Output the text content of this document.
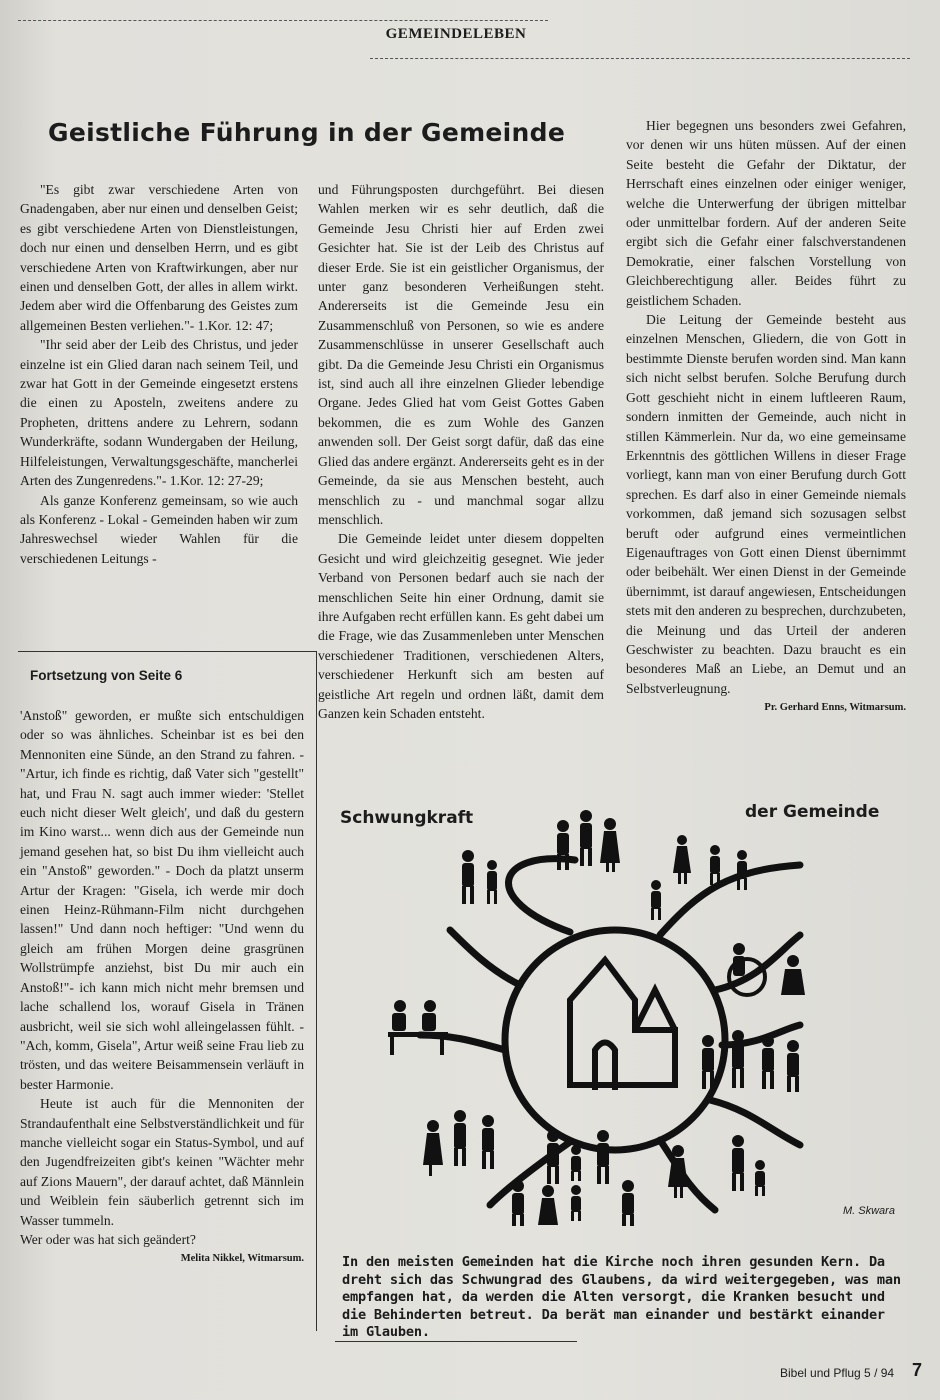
GEMEINDELEBEN
Geistliche Führung in der Gemeinde

"Es gibt zwar verschiedene Arten von Gnadengaben, aber nur einen und denselben Geist; es gibt verschiedene Arten von Dienstleistungen, doch nur einen und denselben Herrn, und es gibt verschiedene Arten von Kraftwirkungen, aber nur einen und denselben Gott, der alles in allem wirkt. Jedem aber wird die Offenbarung des Geistes zum allgemeinen Besten verliehen."- 1.Kor. 12: 47;

"Ihr seid aber der Leib des Christus, und jeder einzelne ist ein Glied daran nach seinem Teil, und zwar hat Gott in der Gemeinde eingesetzt erstens die einen zu Aposteln, zweitens andere zu Propheten, drittens andere zu Lehrern, sodann Wunderkräfte, sodann Wundergaben der Heilung, Hilfeleistungen, Verwaltungsgeschäfte, mancherlei Arten des Zungenredens."- 1.Kor. 12: 27-29;

Als ganze Konferenz gemeinsam, so wie auch als Konferenz - Lokal - Gemeinden haben wir zum Jahreswechsel wieder Wahlen für die verschiedenen Leitungs -

und Führungsposten durchgeführt. Bei diesen Wahlen merken wir es sehr deutlich, daß die Gemeinde Jesu Christi hier auf Erden zwei Gesichter hat. Sie ist der Leib des Christus auf dieser Erde. Sie ist ein geistlicher Organismus, der unter ganz besonderen Verheißungen steht. Andererseits ist die Gemeinde Jesu ein Zusammenschluß von Personen, so wie es andere Zusammenschlüsse in unserer Gesellschaft auch gibt. Da die Gemeinde Jesu Christi ein Organismus ist, sind auch all ihre einzelnen Glieder lebendige Organe. Jedes Glied hat vom Geist Gottes Gaben bekommen, die es zum Wohle des Ganzen anwenden soll. Der Geist sorgt dafür, daß das eine Glied das andere ergänzt. Andererseits geht es in der Gemeinde, da sie aus Menschen besteht, auch menschlich zu - und manchmal sogar allzu menschlich.

Die Gemeinde leidet unter diesem doppelten Gesicht und wird gleichzeitig gesegnet. Wie jeder Verband von Personen bedarf auch sie nach der menschlichen Seite hin einer Ordnung, damit sie ihre Aufgaben recht erfüllen kann. Es geht dabei um die Frage, wie das Zusammenleben unter Menschen verschiedener Traditionen, verschiedenen Alters, verschiedener Herkunft sich am besten auf geistliche Art regeln und ordnen läßt, damit dem Ganzen kein Schaden entsteht.

Hier begegnen uns besonders zwei Gefahren, vor denen wir uns hüten müssen. Auf der einen Seite besteht die Gefahr der Diktatur, der Herrschaft eines einzelnen oder einiger weniger, welche die Unterwerfung der übrigen mittelbar oder unmittelbar fordern. Auf der anderen Seite ergibt sich die Gefahr einer falschverstandenen Demokratie, einer falschen Vorstellung von Gleichberechtigung aller. Beides führt zu geistlichem Schaden.

Die Leitung der Gemeinde besteht aus einzelnen Menschen, Gliedern, die von Gott in bestimmte Dienste berufen worden sind. Man kann sich nicht selbst berufen. Solche Berufung durch Gott geschieht nicht in einem luftleeren Raum, sondern inmitten der Gemeinde, auch nicht in stillen Kämmerlein. Nur da, wo eine gemeinsame Erkenntnis des göttlichen Willens in dieser Frage vorliegt, kann man von einer Berufung durch Gott sprechen. Es darf also in einer Gemeinde niemals vorkommen, daß jemand sich sozusagen selbst beruft oder aufgrund eines vermeintlichen Eigenauftrages von Gott einen Dienst übernimmt oder beibehält. Wer einen Dienst in der Gemeinde übernimmt, ist darauf angewiesen, Entscheidungen stets mit den anderen zu besprechen, durchzubeten, die Meinung und das Urteil der anderen Geschwister zu beachten. Dazu braucht es ein besonderes Maß an Liebe, an Demut und an Selbstverleugnung.

Pr. Gerhard Enns, Witmarsum.

Fortsetzung von Seite 6

'Anstoß" geworden, er mußte sich entschuldigen oder so was ähnliches. Scheinbar ist es bei den Mennoniten eine Sünde, an den Strand zu fahren. - "Artur, ich finde es richtig, daß Vater sich "gestellt" hat, und Frau N. sagt auch immer wieder: 'Stellet euch nicht dieser Welt gleich', und daß du gestern im Kino warst... wenn dich aus der Gemeinde nun jemand gesehen hat, so bist Du ihm vielleicht auch ein "Anstoß" geworden." - Doch da platzt unserm Artur der Kragen: "Gisela, ich werde mir doch einen Heinz-Rühmann-Film nicht durchgehen lassen!" Und dann noch heftiger: "Und wenn du gleich am frühen Morgen deine grasgrünen Wollstrümpfe anziehst, bist Du mir auch ein Anstoß!"- ich kann mich nicht mehr bremsen und lache schallend los, worauf Gisela in Tränen ausbricht, weil sie sich wohl alleingelassen fühlt. - "Ach, komm, Gisela", Artur weiß seine Frau lieb zu trösten, und das weitere Beisammensein verläuft in bester Harmonie.

Heute ist auch für die Mennoniten der Strandaufenthalt eine Selbstverständlichkeit und für manche vielleicht sogar ein Status-Symbol, und auf den Jugendfreizeiten gibt's keinen "Wächter mehr auf Zions Mauern", der darauf achtet, daß Männlein und Weiblein fein säuberlich getrennt sich im Wasser tummeln.

Wer oder was hat sich geändert?

Melita Nikkel, Witmarsum.

Schwungkraft	der Gemeinde
M. Skwara
In den meisten Gemeinden hat die Kirche noch ihren gesunden Kern. Da dreht sich das Schwungrad des Glaubens, da wird weitergegeben, was man empfangen hat, da werden die Alten versorgt, die Kranken besucht und die Behinderten betreut. Da berät man einander und bestärkt einander im Glauben.
Bibel und Pflug 5 / 94 7
